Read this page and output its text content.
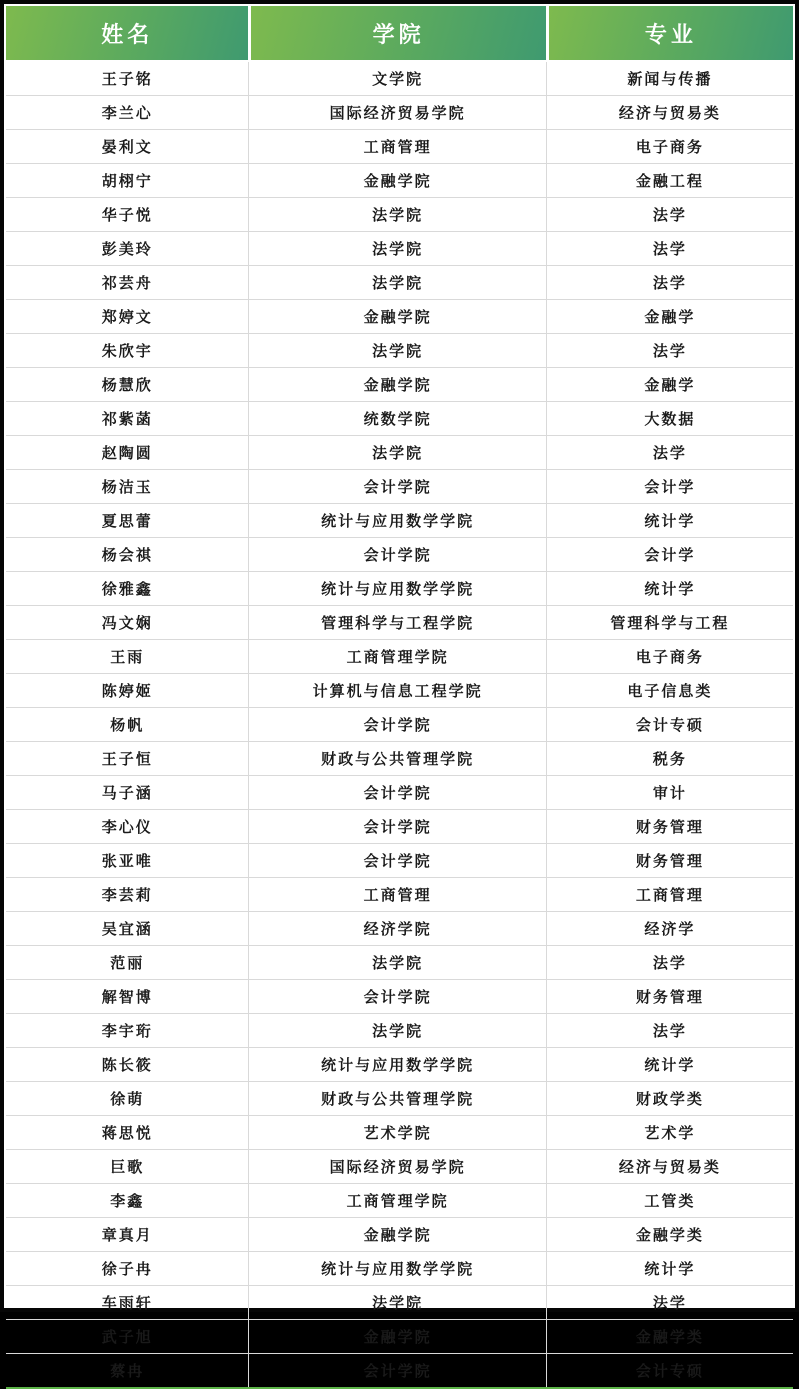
姓名	学院	专业
王子铭	文学院	新闻与传播
李兰心	国际经济贸易学院	经济与贸易类
晏利文	工商管理	电子商务
胡栩宁	金融学院	金融工程
华子悦	法学院	法学
彭美玲	法学院	法学
祁芸舟	法学院	法学
郑婷文	金融学院	金融学
朱欣宇	法学院	法学
杨慧欣	金融学院	金融学
祁紫菡	统数学院	大数据
赵陶圆	法学院	法学
杨洁玉	会计学院	会计学
夏思蕾	统计与应用数学学院	统计学
杨会祺	会计学院	会计学
徐雅鑫	统计与应用数学学院	统计学
冯文娴	管理科学与工程学院	管理科学与工程
王雨	工商管理学院	电子商务
陈婷姬	计算机与信息工程学院	电子信息类
杨帆	会计学院	会计专硕
王子恒	财政与公共管理学院	税务
马子涵	会计学院	审计
李心仪	会计学院	财务管理
张亚唯	会计学院	财务管理
李芸莉	工商管理	工商管理
吴宜涵	经济学院	经济学
范丽	法学院	法学
解智博	会计学院	财务管理
李宇珩	法学院	法学
陈长筱	统计与应用数学学院	统计学
徐萌	财政与公共管理学院	财政学类
蒋思悦	艺术学院	艺术学
巨歌	国际经济贸易学院	经济与贸易类
李鑫	工商管理学院	工管类
章真月	金融学院	金融学类
徐子冉	统计与应用数学学院	统计学
车雨轩	法学院	法学
武子旭	金融学院	金融学类
蔡冉	会计学院	会计专硕
